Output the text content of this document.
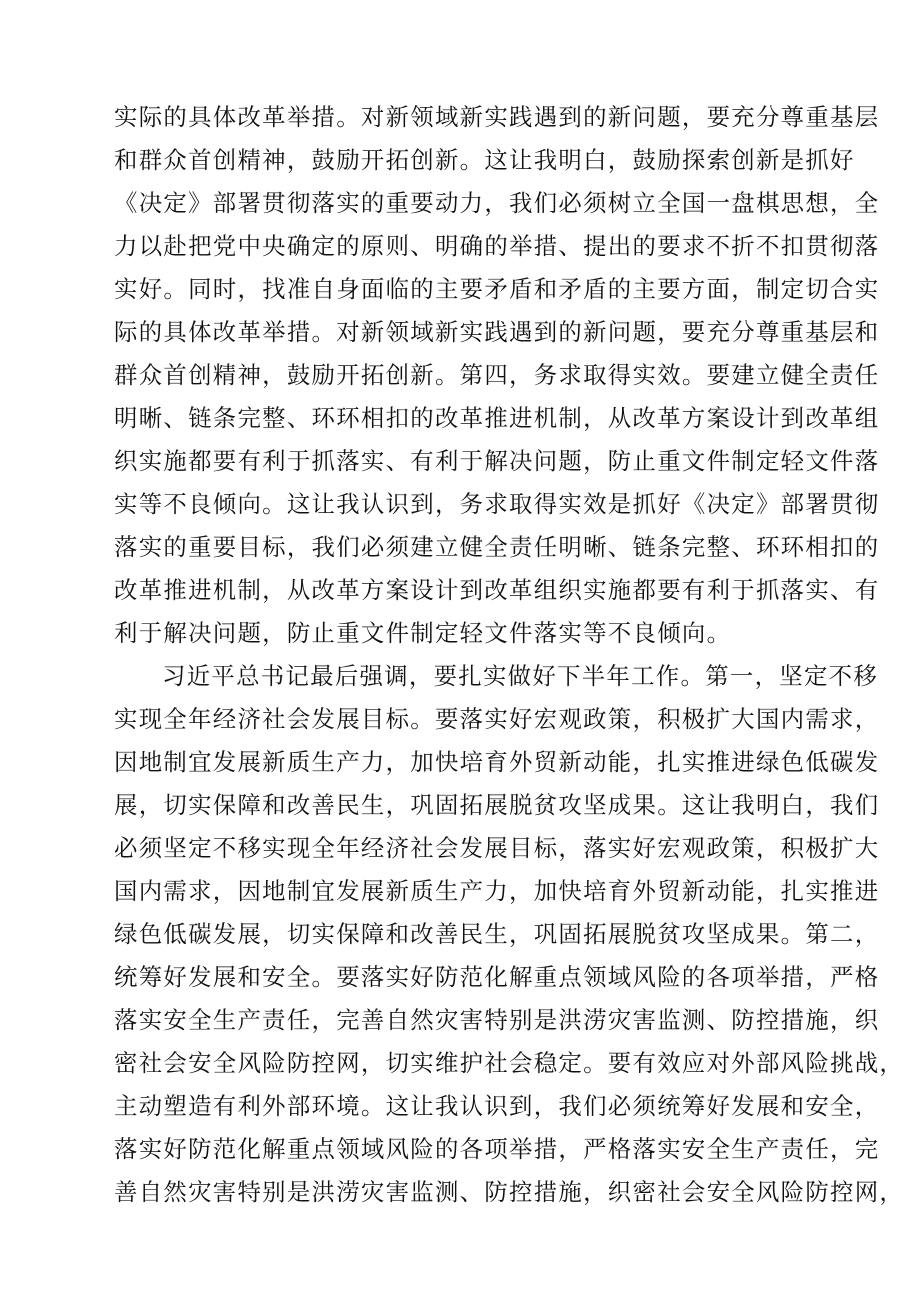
实际的具体改革举措。对新领域新实践遇到的新问题，要充分尊重基层
和群众首创精神，鼓励开拓创新。这让我明白，鼓励探索创新是抓好
《决定》部署贯彻落实的重要动力，我们必须树立全国一盘棋思想，全
力以赴把党中央确定的原则、明确的举措、提出的要求不折不扣贯彻落
实好。同时，找准自身面临的主要矛盾和矛盾的主要方面，制定切合实
际的具体改革举措。对新领域新实践遇到的新问题，要充分尊重基层和
群众首创精神，鼓励开拓创新。第四，务求取得实效。要建立健全责任
明晰、链条完整、环环相扣的改革推进机制，从改革方案设计到改革组
织实施都要有利于抓落实、有利于解决问题，防止重文件制定轻文件落
实等不良倾向。这让我认识到，务求取得实效是抓好《决定》部署贯彻
落实的重要目标，我们必须建立健全责任明晰、链条完整、环环相扣的
改革推进机制，从改革方案设计到改革组织实施都要有利于抓落实、有
利于解决问题，防止重文件制定轻文件落实等不良倾向。
习近平总书记最后强调，要扎实做好下半年工作。第一，坚定不移
实现全年经济社会发展目标。要落实好宏观政策，积极扩大国内需求，
因地制宜发展新质生产力，加快培育外贸新动能，扎实推进绿色低碳发
展，切实保障和改善民生，巩固拓展脱贫攻坚成果。这让我明白，我们
必须坚定不移实现全年经济社会发展目标，落实好宏观政策，积极扩大
国内需求，因地制宜发展新质生产力，加快培育外贸新动能，扎实推进
绿色低碳发展，切实保障和改善民生，巩固拓展脱贫攻坚成果。第二，
统筹好发展和安全。要落实好防范化解重点领域风险的各项举措，严格
落实安全生产责任，完善自然灾害特别是洪涝灾害监测、防控措施，织
密社会安全风险防控网，切实维护社会稳定。要有效应对外部风险挑战，
主动塑造有利外部环境。这让我认识到，我们必须统筹好发展和安全，
落实好防范化解重点领域风险的各项举措，严格落实安全生产责任，完
善自然灾害特别是洪涝灾害监测、防控措施，织密社会安全风险防控网，
